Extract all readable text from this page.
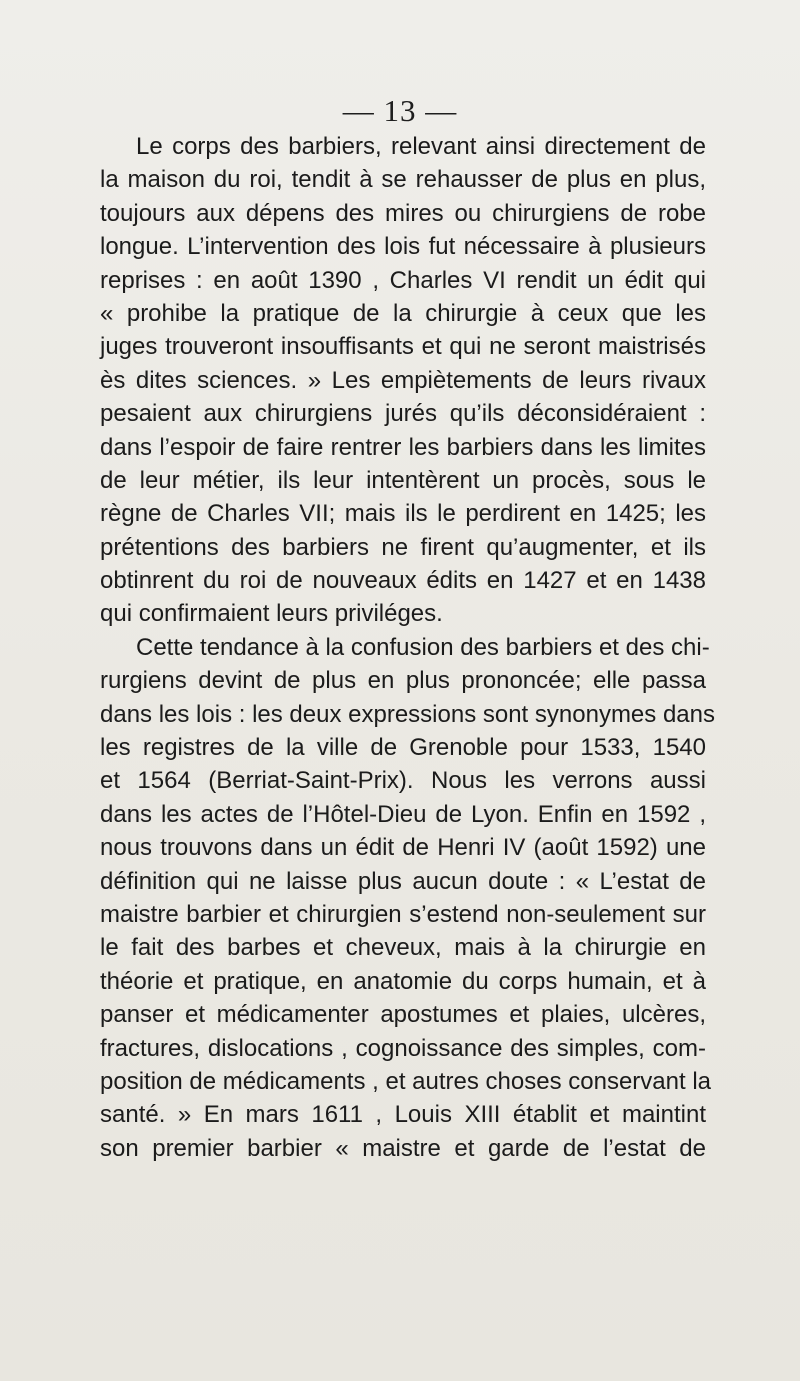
— 13 —
Le corps des barbiers, relevant ainsi directement de
la maison du roi, tendit à se rehausser de plus en plus,
toujours aux dépens des mires ou chirurgiens de robe
longue. L’intervention des lois fut nécessaire à plusieurs
reprises : en août 1390 , Charles VI rendit un édit qui
« prohibe la pratique de la chirurgie à ceux que les
juges trouveront insouffisants et qui ne seront maistrisés
ès dites sciences. » Les empiètements de leurs rivaux
pesaient aux chirurgiens jurés qu’ils déconsidéraient :
dans l’espoir de faire rentrer les barbiers dans les limites
de leur métier, ils leur intentèrent un procès, sous le
règne de Charles VII; mais ils le perdirent en 1425; les
prétentions des barbiers ne firent qu’augmenter, et ils
obtinrent du roi de nouveaux édits en 1427 et en 1438
qui confirmaient leurs priviléges.
Cette tendance à la confusion des barbiers et des chi-
rurgiens devint de plus en plus prononcée; elle passa
dans les lois : les deux expressions sont synonymes dans
les registres de la ville de Grenoble pour 1533, 1540
et 1564 (Berriat-Saint-Prix). Nous les verrons aussi
dans les actes de l’Hôtel-Dieu de Lyon. Enfin en 1592 ,
nous trouvons dans un édit de Henri IV (août 1592) une
définition qui ne laisse plus aucun doute : « L’estat de
maistre barbier et chirurgien s’estend non-seulement sur
le fait des barbes et cheveux, mais à la chirurgie en
théorie et pratique, en anatomie du corps humain, et à
panser et médicamenter apostumes et plaies, ulcères,
fractures, dislocations , cognoissance des simples, com-
position de médicaments , et autres choses conservant la
santé. » En mars 1611 , Louis XIII établit et maintint
son premier barbier « maistre et garde de l’estat de
